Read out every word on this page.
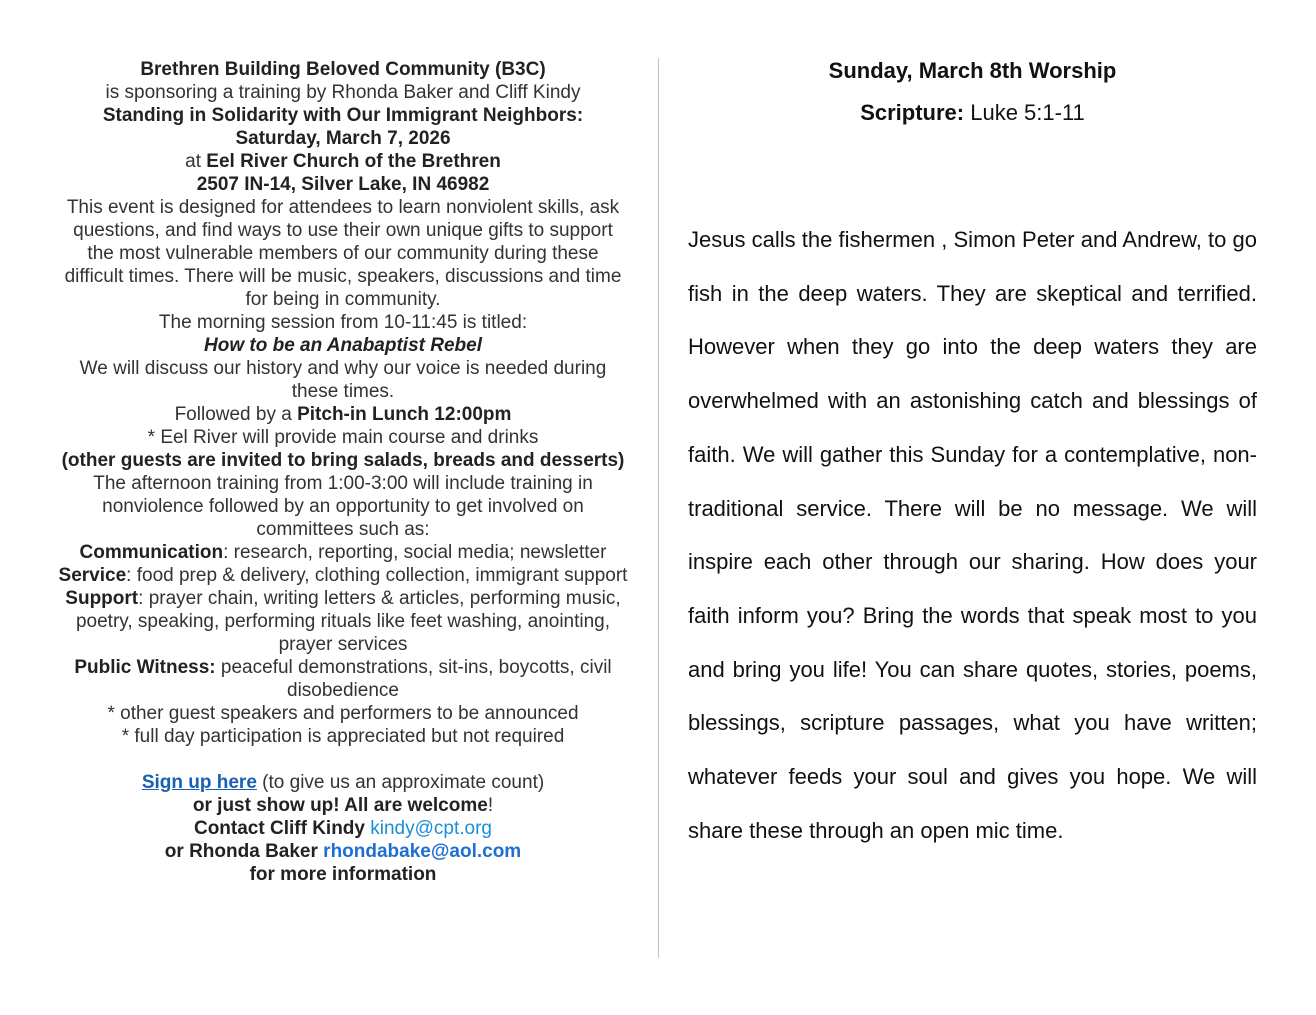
Brethren Building Beloved Community (B3C)
is sponsoring a training by Rhonda Baker and Cliff Kindy
Standing in Solidarity with Our Immigrant Neighbors:
Saturday, March 7, 2026
at Eel River Church of the Brethren
2507 IN-14, Silver Lake, IN 46982
This event is designed for attendees to learn nonviolent skills, ask questions, and find ways to use their own unique gifts to support the most vulnerable members of our community during these difficult times. There will be music, speakers, discussions and time for being in community.
The morning session from 10-11:45 is titled:
How to be an Anabaptist Rebel
We will discuss our history and why our voice is needed during these times.
Followed by a Pitch-in Lunch 12:00pm
* Eel River will provide main course and drinks
(other guests are invited to bring salads, breads and desserts)
The afternoon training from 1:00-3:00 will include training in nonviolence followed by an opportunity to get involved on committees such as:
Communication: research, reporting, social media; newsletter
Service: food prep & delivery, clothing collection, immigrant support
Support: prayer chain, writing letters & articles, performing music, poetry, speaking, performing rituals like feet washing, anointing, prayer services
Public Witness: peaceful demonstrations, sit-ins, boycotts, civil disobedience
* other guest speakers and performers to be announced
* full day participation is appreciated but not required
Sign up here (to give us an approximate count)
or just show up! All are welcome!
Contact Cliff Kindy kindy@cpt.org
or Rhonda Baker rhondabake@aol.com
for more information
Sunday, March 8th Worship
Scripture: Luke 5:1-11
Jesus calls the fishermen , Simon Peter and Andrew, to go fish in the deep waters. They are skeptical and terrified. However when they go into the deep waters they are overwhelmed with an astonishing catch and blessings of faith. We will gather this Sunday for a contemplative, non-traditional service. There will be no message. We will inspire each other through our sharing. How does your faith inform you? Bring the words that speak most to you and bring you life! You can share quotes, stories, poems, blessings, scripture passages, what you have written; whatever feeds your soul and gives you hope. We will share these through an open mic time.
